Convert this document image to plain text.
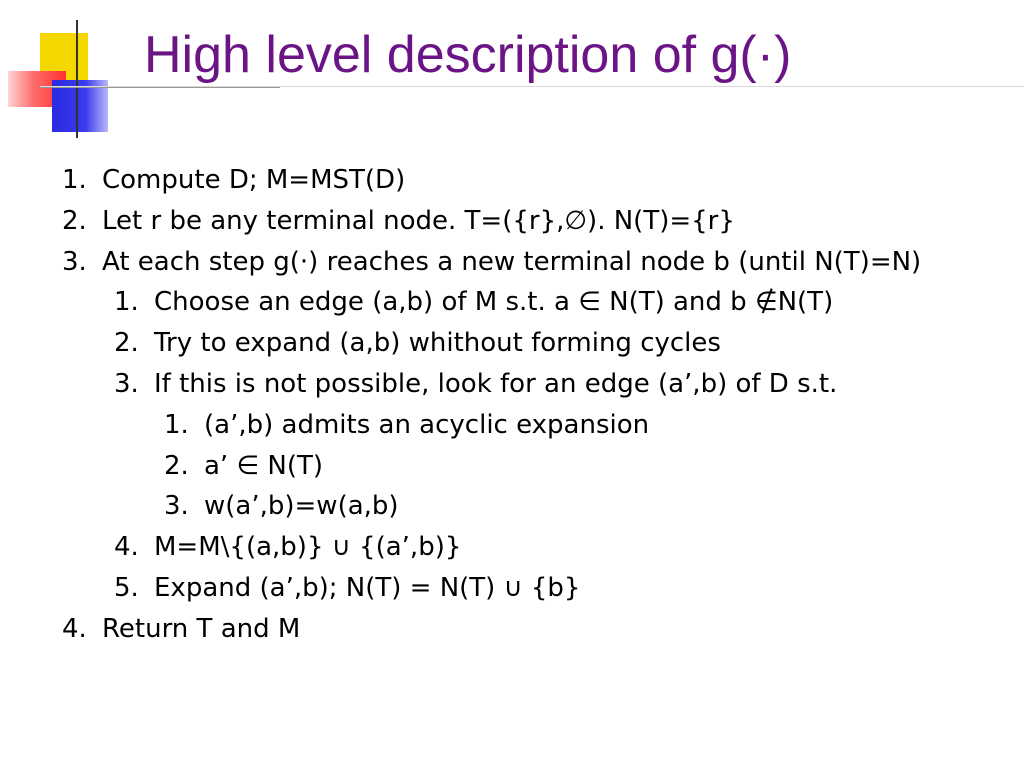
High level description of g(·)
1. Compute D; M=MST(D)
2. Let r be any terminal node. T=({r},∅). N(T)={r}
3. At each step g(·) reaches a new terminal node b (until N(T)=N)
1. Choose an edge (a,b) of M s.t. a ∈ N(T) and b ∉N(T)
2. Try to expand (a,b) whithout forming cycles
3. If this is not possible, look for an edge (a’,b) of D s.t.
1. (a’,b) admits an acyclic expansion
2. a’ ∈ N(T)
3. w(a’,b)=w(a,b)
4. M=M\{(a,b)} ∪ {(a’,b)}
5. Expand (a’,b); N(T) = N(T) ∪ {b}
4. Return T and M
